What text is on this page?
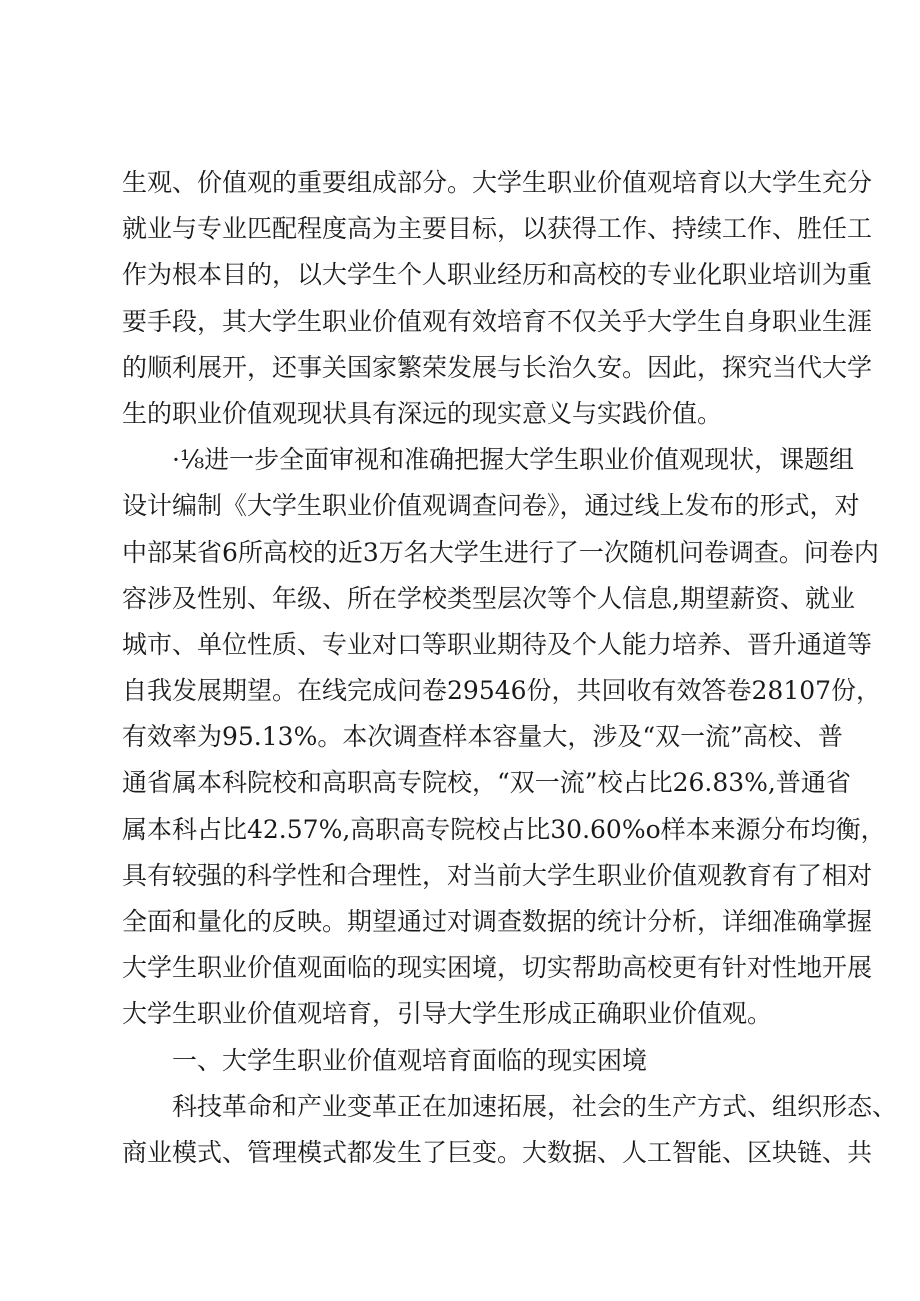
生观、价值观的重要组成部分。大学生职业价值观培育以大学生充分
就业与专业匹配程度高为主要目标，以获得工作、持续工作、胜任工
作为根本目的，以大学生个人职业经历和高校的专业化职业培训为重
要手段，其大学生职业价值观有效培育不仅关乎大学生自身职业生涯
的顺利展开，还事关国家繁荣发展与长治久安。因此，探究当代大学
生的职业价值观现状具有深远的现实意义与实践价值。
·⅛进一步全面审视和准确把握大学生职业价值观现状，课题组
设计编制《大学生职业价值观调查问卷》，通过线上发布的形式，对
中部某省6所高校的近3万名大学生进行了一次随机问卷调查。问卷内
容涉及性别、年级、所在学校类型层次等个人信息,期望薪资、就业
城市、单位性质、专业对口等职业期待及个人能力培养、晋升通道等
自我发展期望。在线完成问卷29546份，共回收有效答卷28107份，
有效率为95.13%。本次调查样本容量大，涉及“双一流”高校、普
通省属本科院校和高职高专院校，“双一流”校占比26.83%,普通省
属本科占比42.57%,高职高专院校占比30.60%o样本来源分布均衡，
具有较强的科学性和合理性，对当前大学生职业价值观教育有了相对
全面和量化的反映。期望通过对调查数据的统计分析，详细准确掌握
大学生职业价值观面临的现实困境，切实帮助高校更有针对性地开展
大学生职业价值观培育，引导大学生形成正确职业价值观。
一、大学生职业价值观培育面临的现实困境
科技革命和产业变革正在加速拓展，社会的生产方式、组织形态、
商业模式、管理模式都发生了巨变。大数据、人工智能、区块链、共
